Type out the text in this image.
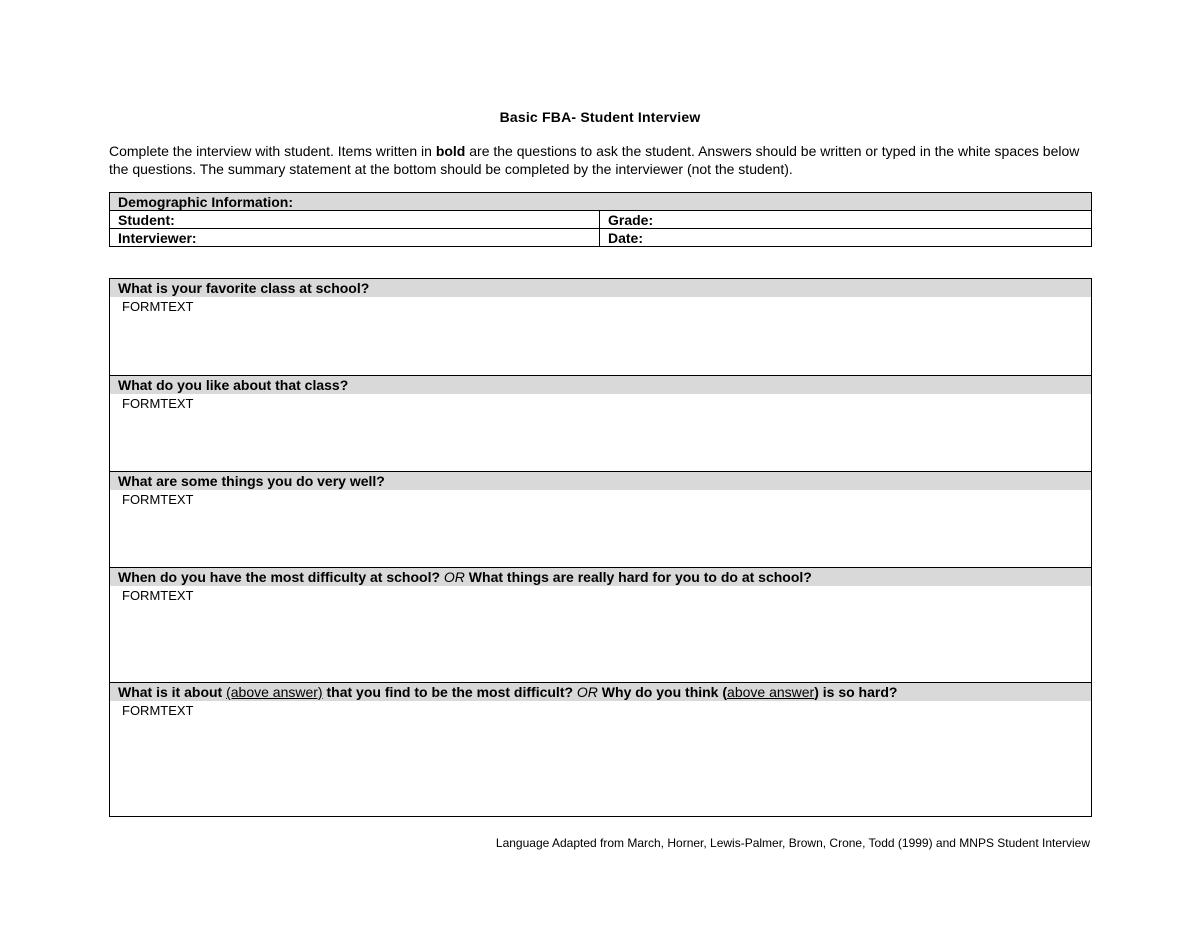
Basic FBA- Student Interview
Complete the interview with student. Items written in bold are the questions to ask the student. Answers should be written or typed in the white spaces below the questions. The summary statement at the bottom should be completed by the interviewer (not the student).
Demographic Information:	
Student:	Grade:
Interviewer:	Date:
What is your favorite class at school?
FORMTEXT
What do you like about that class?
FORMTEXT
What are some things you do very well?
FORMTEXT
When do you have the most difficulty at school? OR What things are really hard for you to do at school?
FORMTEXT
What is it about (above answer) that you find to be the most difficult? OR Why do you think (above answer) is so hard?
FORMTEXT
Language Adapted from March, Horner, Lewis-Palmer, Brown, Crone, Todd (1999) and MNPS Student Interview
